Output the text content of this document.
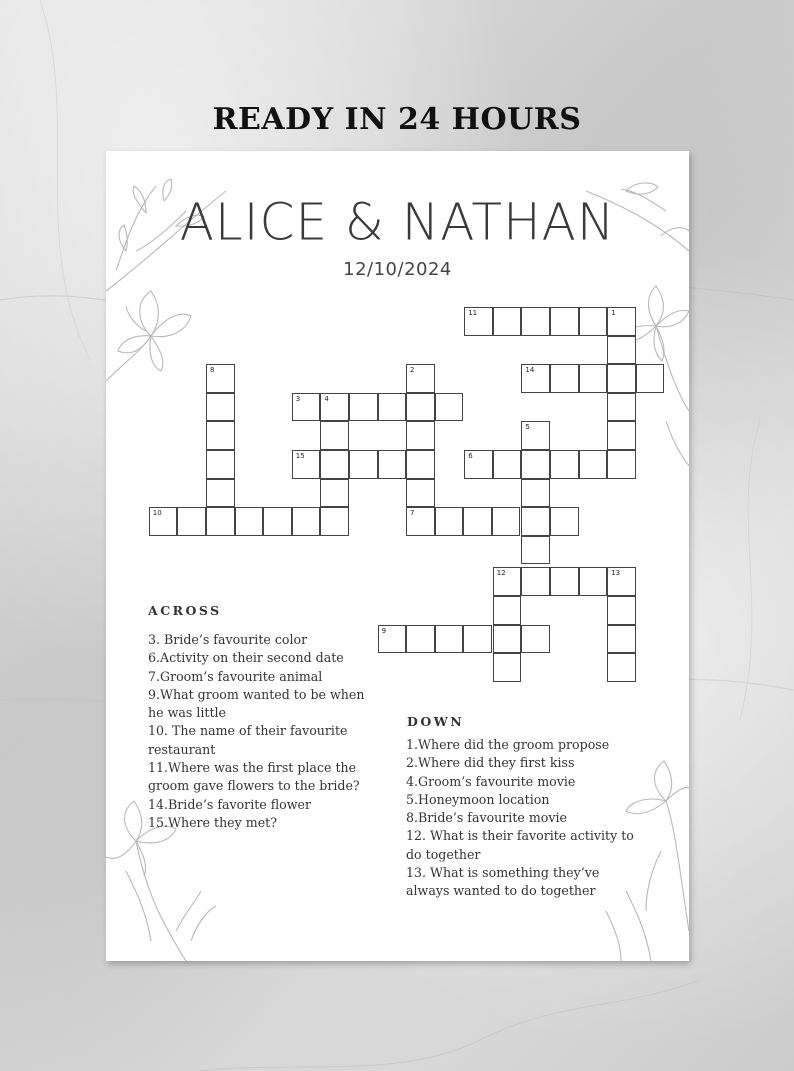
READY IN 24 HOURS
ALICE & NATHAN
12/10/2024
11	1
14
8	2
3	4
5
15	6
10	7
12	13
9
ACROSS

3. Bride’s favourite color

6.Activity on their second date

7.Groom’s favourite animal

9.What groom wanted to be when

he was little

10. The name of their favourite

restaurant

11.Where was the first place the

groom gave flowers to the bride?

14.Bride’s favorite flower

15.Where they met?

DOWN

1.Where did the groom propose

2.Where did they first kiss

4.Groom’s favourite movie

5.Honeymoon location

8.Bride’s favourite movie

12. What is their favorite activity to

do together

13. What is something they’ve

always wanted to do together
